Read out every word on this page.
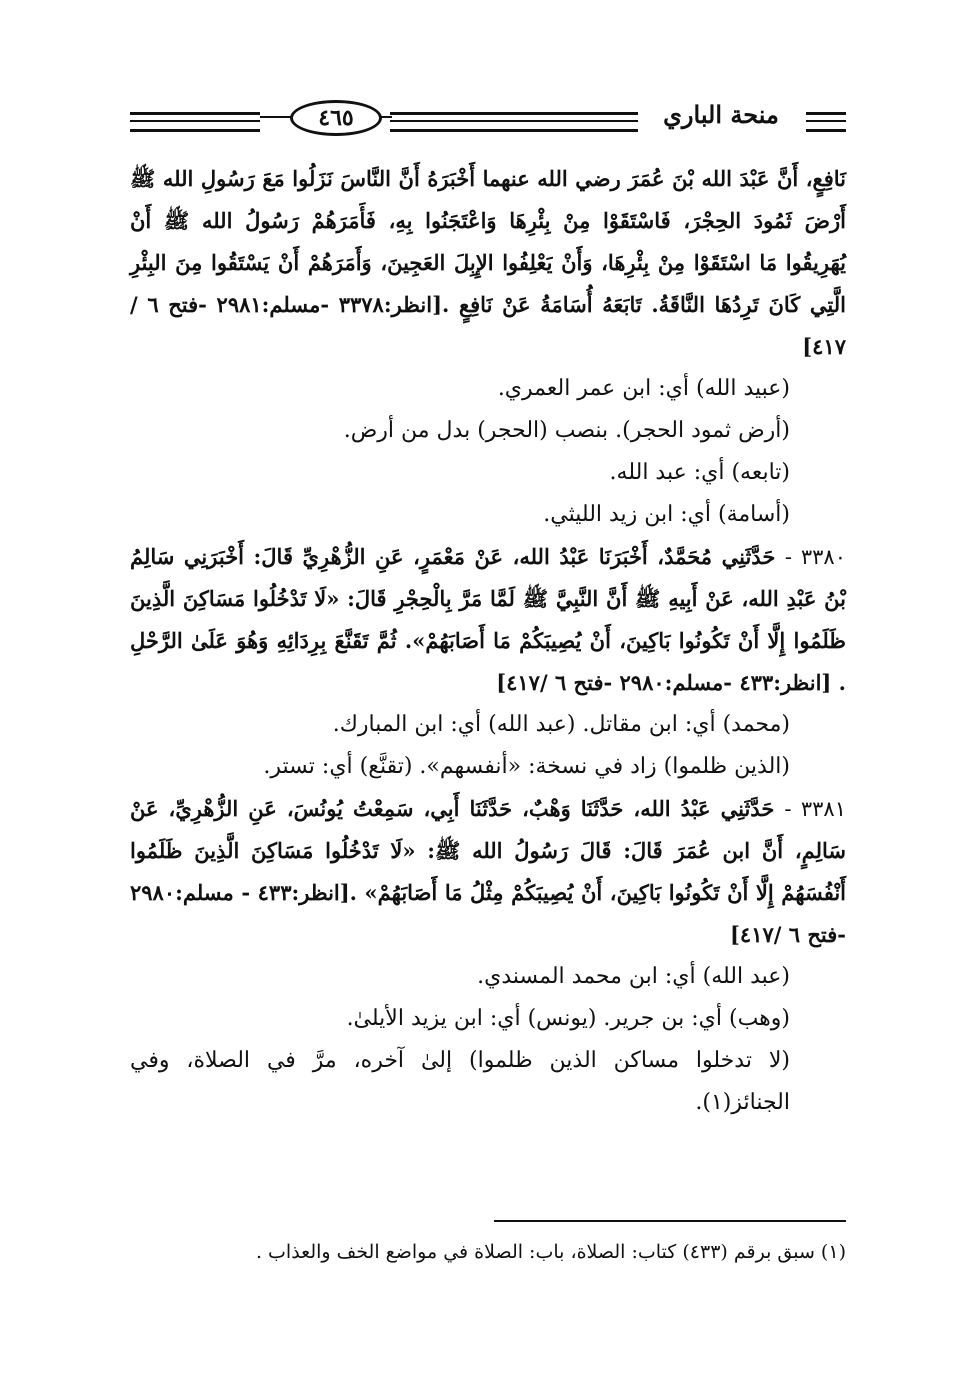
٤٦٥	منحة الباري

نَافِعٍ، أَنَّ عَبْدَ الله بْنَ عُمَرَ رضي الله عنهما أَخْبَرَهُ أَنَّ النَّاسَ نَزَلُوا مَعَ رَسُولِ الله ﷺ أَرْضَ ثَمُودَ الحِجْرَ، فَاسْتَقَوْا مِنْ بِئْرِهَا وَاعْتَجَنُوا بِهِ، فَأَمَرَهُمْ رَسُولُ الله ﷺ أَنْ يُهَرِيقُوا مَا اسْتَقَوْا مِنْ بِئْرِهَا، وَأَنْ يَعْلِفُوا الإِبِلَ العَجِينَ، وَأَمَرَهُمْ أَنْ يَسْتَقُوا مِنَ البِئْرِ الَّتِي كَانَ تَرِدُهَا النَّاقَةُ. تَابَعَهُ أُسَامَةُ عَنْ نَافِعٍ .[انظر:٣٣٧٨ -مسلم:٢٩٨١ -فتح ٦ /٤١٧]

(عبيد الله) أي: ابن عمر العمري.

(أرض ثمود الحجر). بنصب (الحجر) بدل من أرض.

(تابعه) أي: عبد الله.

(أسامة) أي: ابن زيد الليثي.

٣٣٨٠ - حَدَّثَنِي مُحَمَّدٌ، أَخْبَرَنَا عَبْدُ الله، عَنْ مَعْمَرٍ، عَنِ الزُّهْرِيِّ قَالَ: أَخْبَرَنِي سَالِمُ بْنُ عَبْدِ الله، عَنْ أَبِيهِ ﷺ أَنَّ النَّبِيَّ ﷺ لَمَّا مَرَّ بِالْحِجْرِ قَالَ: «لَا تَدْخُلُوا مَسَاكِنَ الَّذِينَ ظَلَمُوا إِلَّا أَنْ تَكُونُوا بَاكِينَ، أَنْ يُصِيبَكُمْ مَا أَصَابَهُمْ». ثُمَّ تَقَنَّعَ بِرِدَائِهِ وَهُوَ عَلَىٰ الرَّحْلِ . [انظر:٤٣٣ -مسلم:٢٩٨٠ -فتح ٦ /٤١٧]

(محمد) أي: ابن مقاتل. (عبد الله) أي: ابن المبارك.

(الذين ظلموا) زاد في نسخة: «أنفسهم». (تقنَّع) أي: تستر.

٣٣٨١ - حَدَّثَنِي عَبْدُ الله، حَدَّثَنَا وَهْبٌ، حَدَّثَنَا أَبِي، سَمِعْتُ يُونُسَ، عَنِ الزُّهْرِيِّ، عَنْ سَالِمٍ، أَنَّ ابن عُمَرَ قَالَ: قَالَ رَسُولُ الله ﷺ: «لَا تَدْخُلُوا مَسَاكِنَ الَّذِينَ ظَلَمُوا أَنْفُسَهُمْ إِلَّا أَنْ تَكُونُوا بَاكِينَ، أَنْ يُصِيبَكُمْ مِثْلُ مَا أَصَابَهُمْ» .[انظر:٤٣٣ - مسلم:٢٩٨٠ -فتح ٦ /٤١٧]

(عبد الله) أي: ابن محمد المسندي.

(وهب) أي: بن جرير. (يونس) أي: ابن يزيد الأيلىٰ.

(لا تدخلوا مساكن الذين ظلموا) إلىٰ آخره، مرَّ في الصلاة، وفي الجنائز(١).

(١) سبق برقم (٤٣٣) كتاب: الصلاة، باب: الصلاة في مواضع الخف والعذاب .
